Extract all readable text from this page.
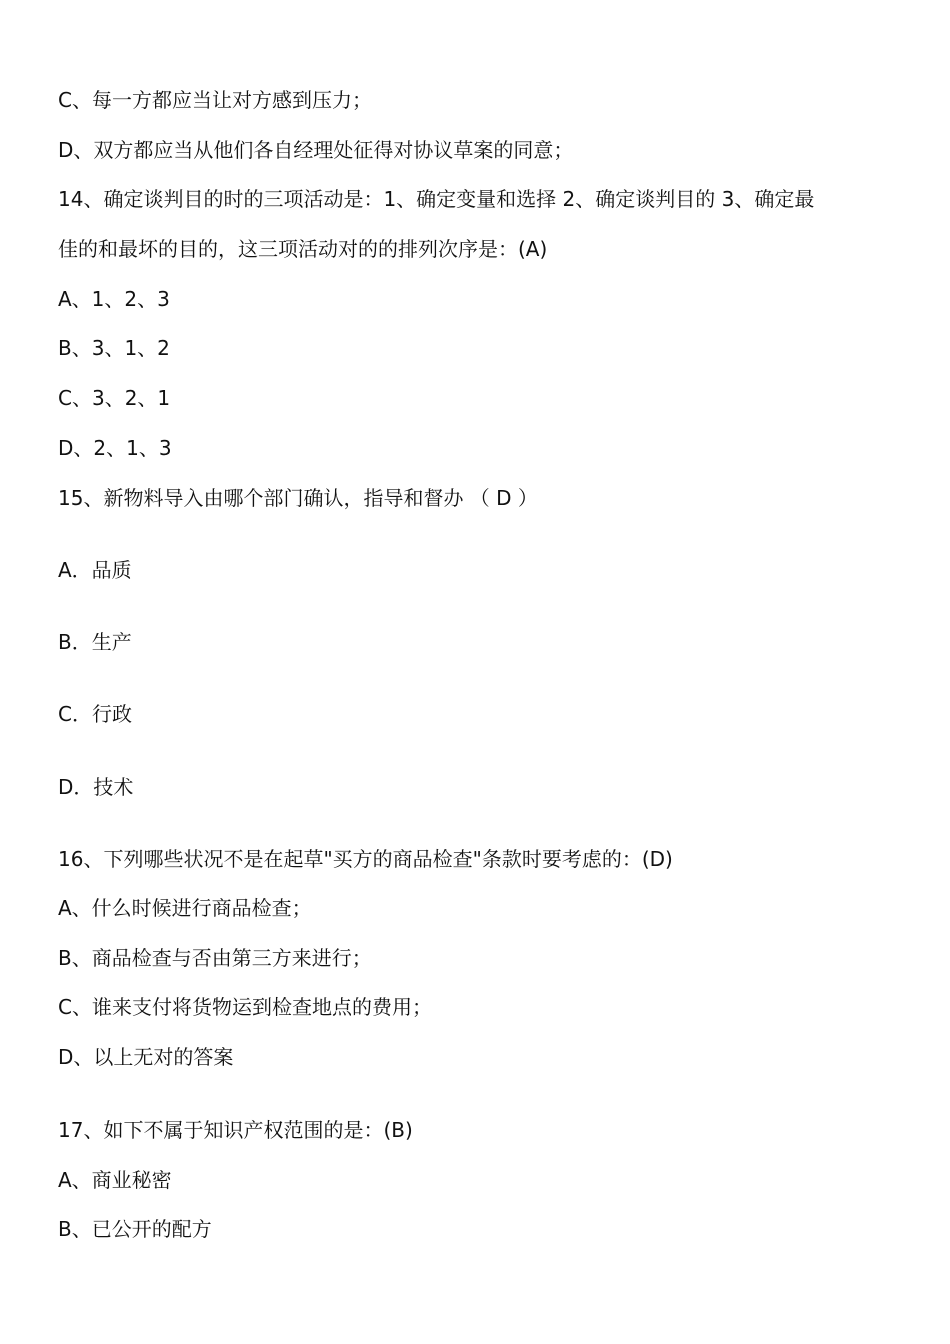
C、每一方都应当让对方感到压力；
D、双方都应当从他们各自经理处征得对协议草案的同意；
14、确定谈判目的时的三项活动是：1、确定变量和选择 2、确定谈判目的 3、确定最
佳的和最坏的目的，这三项活动对的的排列次序是：(A)
A、1、2、3
B、3、1、2
C、3、2、1
D、2、1、3
15、新物料导入由哪个部门确认，指导和督办 （ D ）
A．品质
B．生产
C．行政
D．技术
16、下列哪些状况不是在起草"买方的商品检查"条款时要考虑的：(D)
A、什么时候进行商品检查；
B、商品检查与否由第三方来进行；
C、谁来支付将货物运到检查地点的费用；
D、以上无对的答案
17、如下不属于知识产权范围的是：(B)
A、商业秘密
B、已公开的配方
